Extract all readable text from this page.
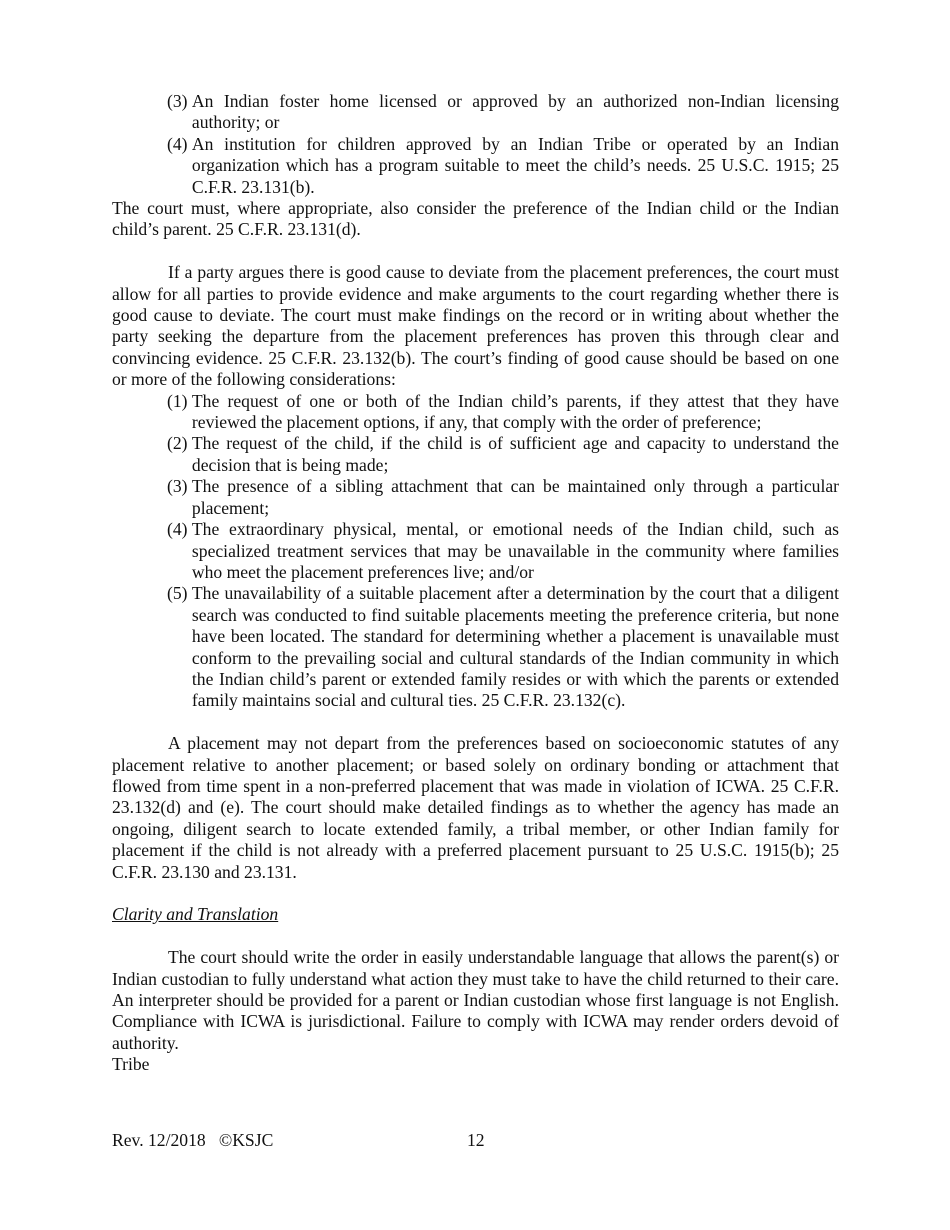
(3) An Indian foster home licensed or approved by an authorized non-Indian licensing authority; or
(4) An institution for children approved by an Indian Tribe or operated by an Indian organization which has a program suitable to meet the child’s needs. 25 U.S.C. 1915; 25 C.F.R. 23.131(b).

The court must, where appropriate, also consider the preference of the Indian child or the Indian child’s parent. 25 C.F.R. 23.131(d).

If a party argues there is good cause to deviate from the placement preferences, the court must allow for all parties to provide evidence and make arguments to the court regarding whether there is good cause to deviate. The court must make findings on the record or in writing about whether the party seeking the departure from the placement preferences has proven this through clear and convincing evidence. 25 C.F.R. 23.132(b). The court’s finding of good cause should be based on one or more of the following considerations:

(1) The request of one or both of the Indian child’s parents, if they attest that they have reviewed the placement options, if any, that comply with the order of preference;
(2) The request of the child, if the child is of sufficient age and capacity to understand the decision that is being made;
(3) The presence of a sibling attachment that can be maintained only through a particular placement;
(4) The extraordinary physical, mental, or emotional needs of the Indian child, such as specialized treatment services that may be unavailable in the community where families who meet the placement preferences live; and/or
(5) The unavailability of a suitable placement after a determination by the court that a diligent search was conducted to find suitable placements meeting the preference criteria, but none have been located. The standard for determining whether a placement is unavailable must conform to the prevailing social and cultural standards of the Indian community in which the Indian child’s parent or extended family resides or with which the parents or extended family maintains social and cultural ties. 25 C.F.R. 23.132(c).

A placement may not depart from the preferences based on socioeconomic statutes of any placement relative to another placement; or based solely on ordinary bonding or attachment that flowed from time spent in a non-preferred placement that was made in violation of ICWA. 25 C.F.R. 23.132(d) and (e). The court should make detailed findings as to whether the agency has made an ongoing, diligent search to locate extended family, a tribal member, or other Indian family for placement if the child is not already with a preferred placement pursuant to 25 U.S.C. 1915(b); 25 C.F.R. 23.130 and 23.131.

Clarity and Translation

The court should write the order in easily understandable language that allows the parent(s) or Indian custodian to fully understand what action they must take to have the child returned to their care. An interpreter should be provided for a parent or Indian custodian whose first language is not English. Compliance with ICWA is jurisdictional. Failure to comply with ICWA may render orders devoid of authority.

Tribe

Rev. 12/2018   ©KSJC	12
